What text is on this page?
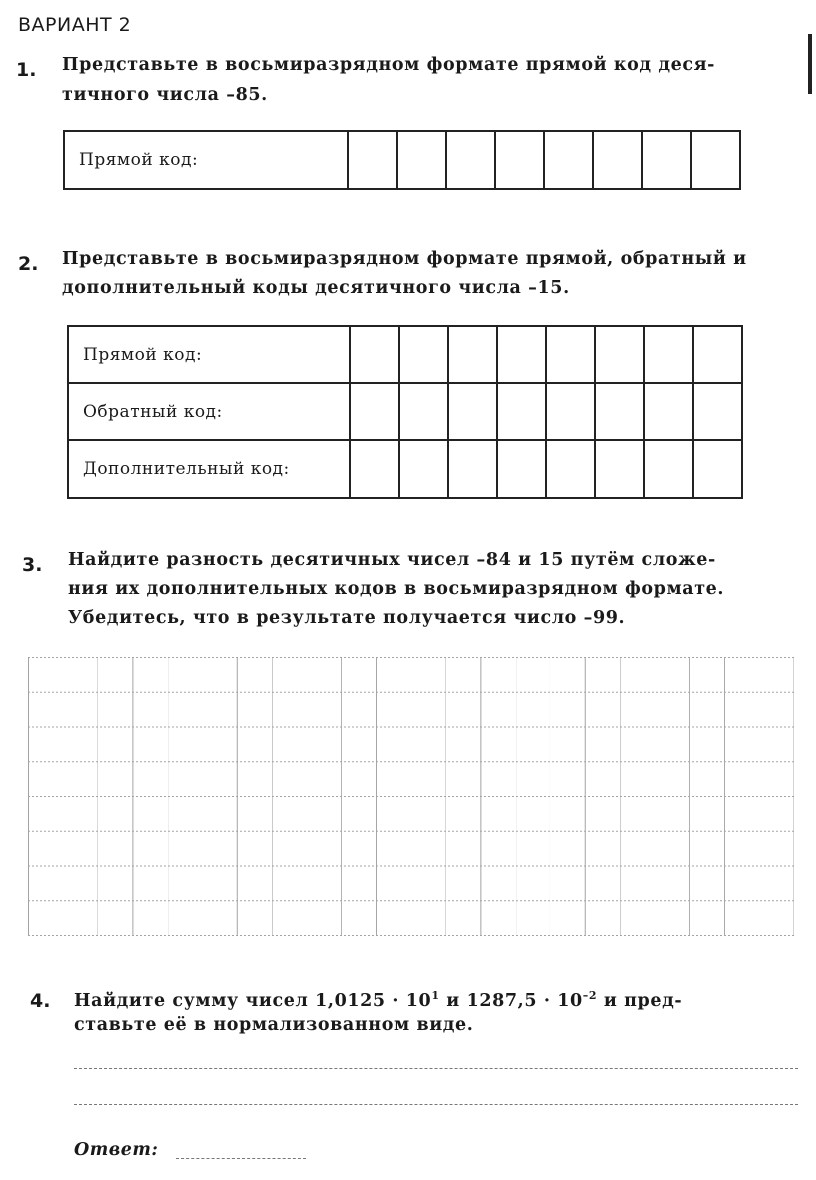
ВАРИАНТ 2
1. Представьте в восьмиразрядном формате прямой код деся-
тичного числа –85.
Прямой код:								
2. Представьте в восьмиразрядном формате прямой, обратный и
дополнительный коды десятичного числа –15.
Прямой код:								
Обратный код:								
Дополнительный код:								
3. Найдите разность десятичных чисел –84 и 15 путём сложе-
ния их дополнительных кодов в восьмиразрядном формате.
Убедитесь, что в результате получается число –99.
4. Найдите сумму чисел $1,0125 \cdot 10^1$ и $1287,5 \cdot 10^{-2}$ и пред-
ставьте её в нормализованном виде.
Ответ:
